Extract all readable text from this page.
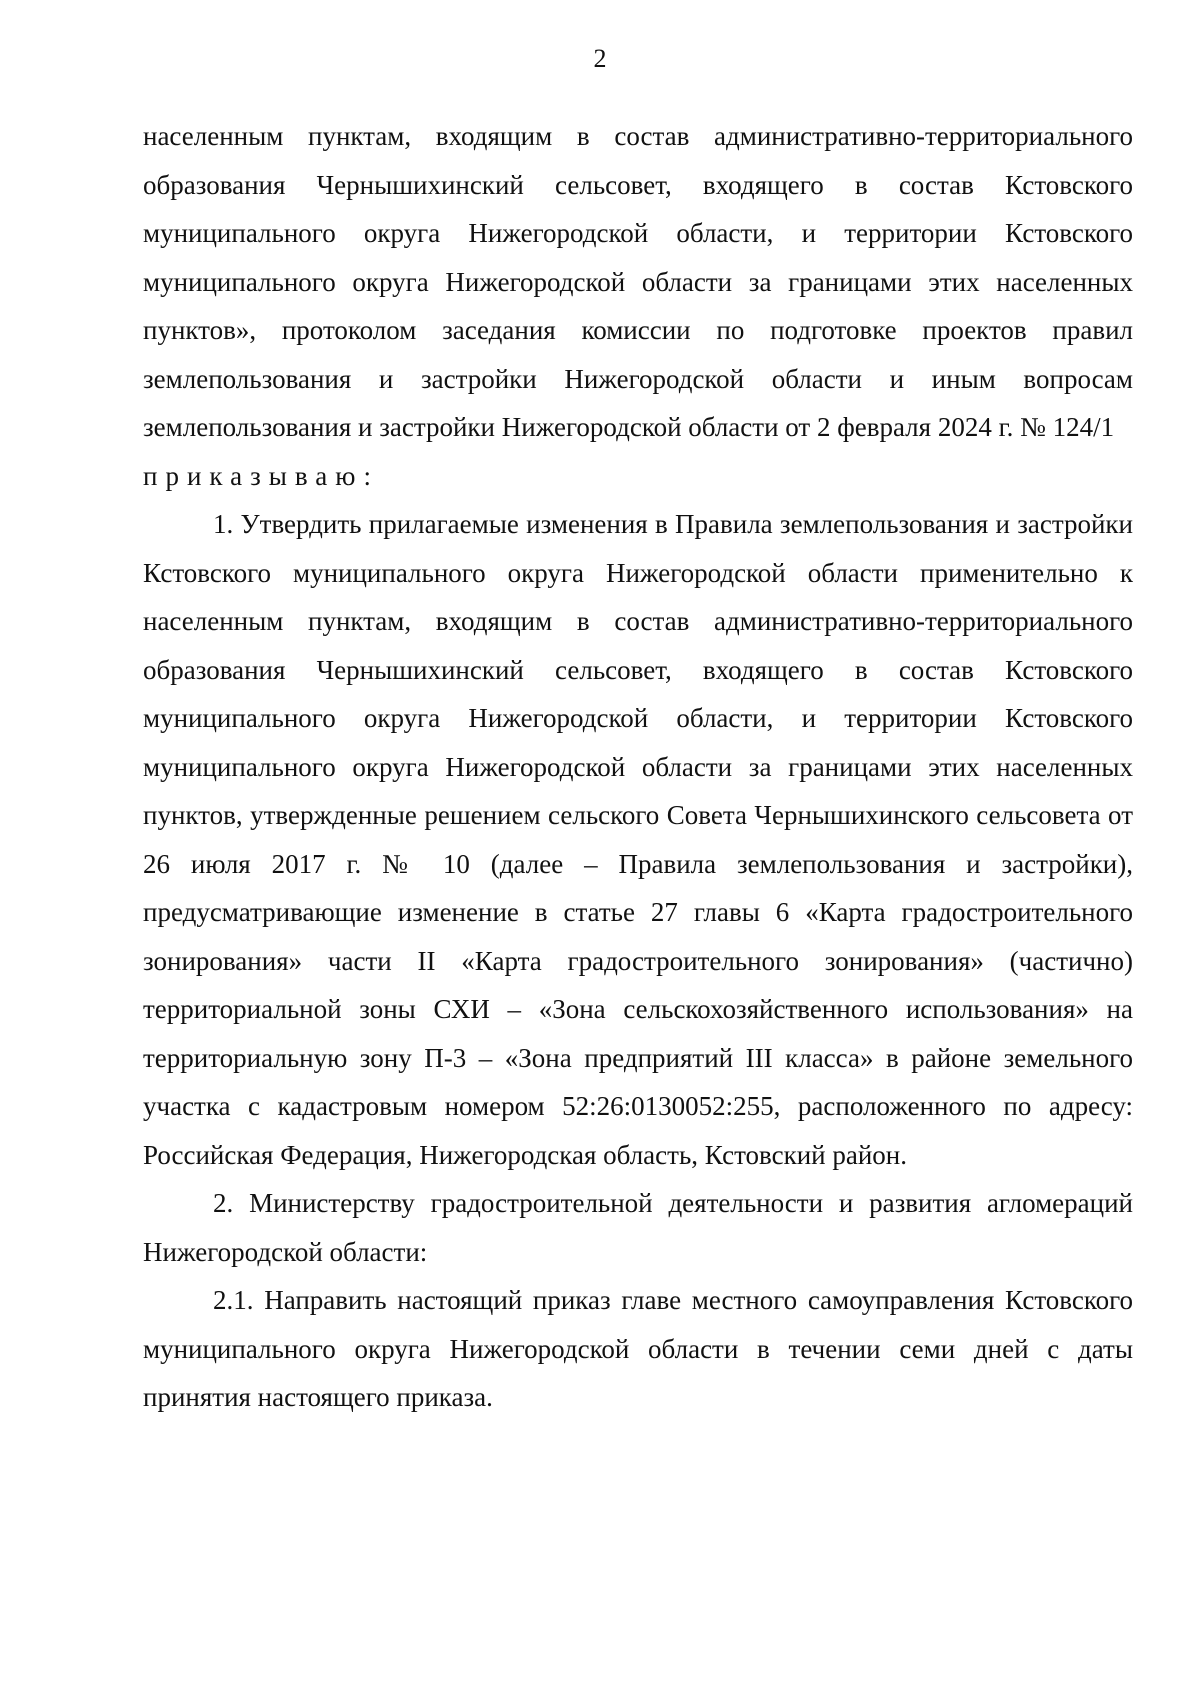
2

населенным пунктам, входящим в состав административно-территориального образования Чернышихинский сельсовет, входящего в состав Кстовского муниципального округа Нижегородской области, и территории Кстовского муниципального округа Нижегородской области за границами этих населенных пунктов», протоколом заседания комиссии по подготовке проектов правил землепользования и застройки Нижегородской области и иным вопросам землепользования и застройки Нижегородской области от 2 февраля 2024 г. № 124/1

приказываю:

1. Утвердить прилагаемые изменения в Правила землепользования и застройки Кстовского муниципального округа Нижегородской области применительно к населенным пунктам, входящим в состав административно-территориального образования Чернышихинский сельсовет, входящего в состав Кстовского муниципального округа Нижегородской области, и территории Кстовского муниципального округа Нижегородской области за границами этих населенных пунктов, утвержденные решением сельского Совета Чернышихинского сельсовета от 26 июля 2017 г. № 10 (далее – Правила землепользования и застройки), предусматривающие изменение в статье 27 главы 6 «Карта градостроительного зонирования» части II «Карта градостроительного зонирования» (частично) территориальной зоны СХИ – «Зона сельскохозяйственного использования» на территориальную зону П-3 – «Зона предприятий III класса» в районе земельного участка с кадастровым номером 52:26:0130052:255, расположенного по адресу: Российская Федерация, Нижегородская область, Кстовский район.

2. Министерству градостроительной деятельности и развития агломераций Нижегородской области:

2.1. Направить настоящий приказ главе местного самоуправления Кстовского муниципального округа Нижегородской области в течении семи дней с даты принятия настоящего приказа.
